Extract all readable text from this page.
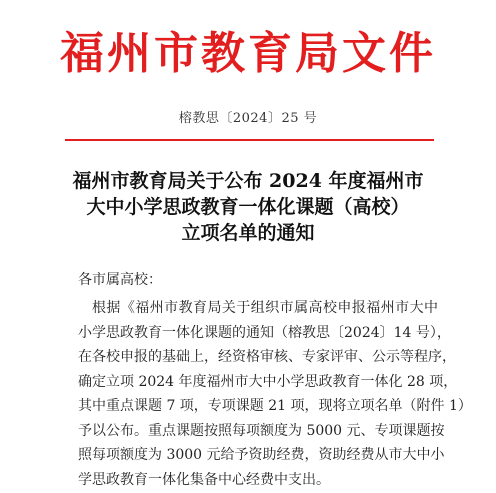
福州市教育局文件
榕教思〔2024〕25 号
福州市教育局关于公布 2024 年度福州市
大中小学思政教育一体化课题（高校）
立项名单的通知
各市属高校：
根据《福州市教育局关于组织市属高校申报福州市大中
小学思政教育一体化课题的通知（榕教思〔2024〕14 号），
在各校申报的基础上，经资格审核、专家评审、公示等程序，
确定立项 2024 年度福州市大中小学思政教育一体化 28 项，
其中重点课题 7 项，专项课题 21 项，现将立项名单（附件 1）
予以公布。重点课题按照每项额度为 5000 元、专项课题按
照每项额度为 3000 元给予资助经费，资助经费从市大中小
学思政教育一体化集备中心经费中支出。
